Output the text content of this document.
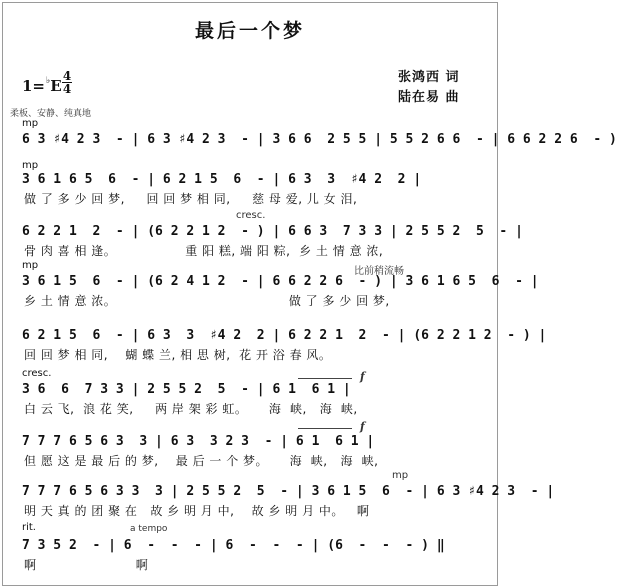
最后一个梦
1=♭E
4
4
张鸿西 词
陆在易 曲
柔板、安静、纯真地
mp
6 3 ♯4 2 3  - | 6 3 ♯4 2 3  - | 3 6 6  2 5 5 | 5 5 2 6 6  - | 6 6 2 2 6  - )
mp
3 6 1 6 5  6  - | 6 2 1 5  6  - | 6 3  3  ♯4 2  2 |
做 了 多 少 回 梦,     回 回 梦 相 同,     慈 母 爱, 儿 女 泪,
cresc.
6 2 2 1  2  - | (6 2 2 1 2  - ) | 6 6 3  7 3 3 | 2 5 5 2  5  - |
骨 肉 喜 相 逢。                重 阳 糕, 端 阳 粽,  乡 土 情 意 浓,
mp
比前稍流畅
3 6 1 5  6  - | (6 2 4 1 2  - | 6 6 2 2 6  - ) | 3 6 1 6 5  6  - |
乡 土 情 意 浓。                                        做 了 多 少 回 梦,
6 2 1 5  6  - | 6 3  3  ♯4 2  2 | 6 2 2 1  2  - | (6 2 2 1 2  - ) |
回 回 梦 相 同,    蝴 蝶 兰, 相 思 树,  花 开 浴 春 风。
cresc.	f
3 6  6  7 3 3 | 2 5 5 2  5  - | 6 1  6 1 |
白 云 飞,  浪 花 笑,     两 岸 架 彩 虹。     海  峡,   海  峡,
f
7 7 7 6 5 6 3  3 | 6 3  3 2 3  - | 6 1  6 1 |
但 愿 这 是 最 后 的 梦,    最 后 一 个 梦。     海  峡,   海  峡,
mp
7 7 7 6 5 6 3 3  3 | 2 5 5 2  5  - | 3 6 1 5  6  - | 6 3 ♯4 2 3  - |
明 天 真 的 团 聚 在   故 乡 明 月 中,    故 乡 明 月 中。   啊
rit.	a tempo
7 3 5 2  - | 6  -  -  - | 6  -  -  - | (6  -  -  - ) ‖
啊                       啊
